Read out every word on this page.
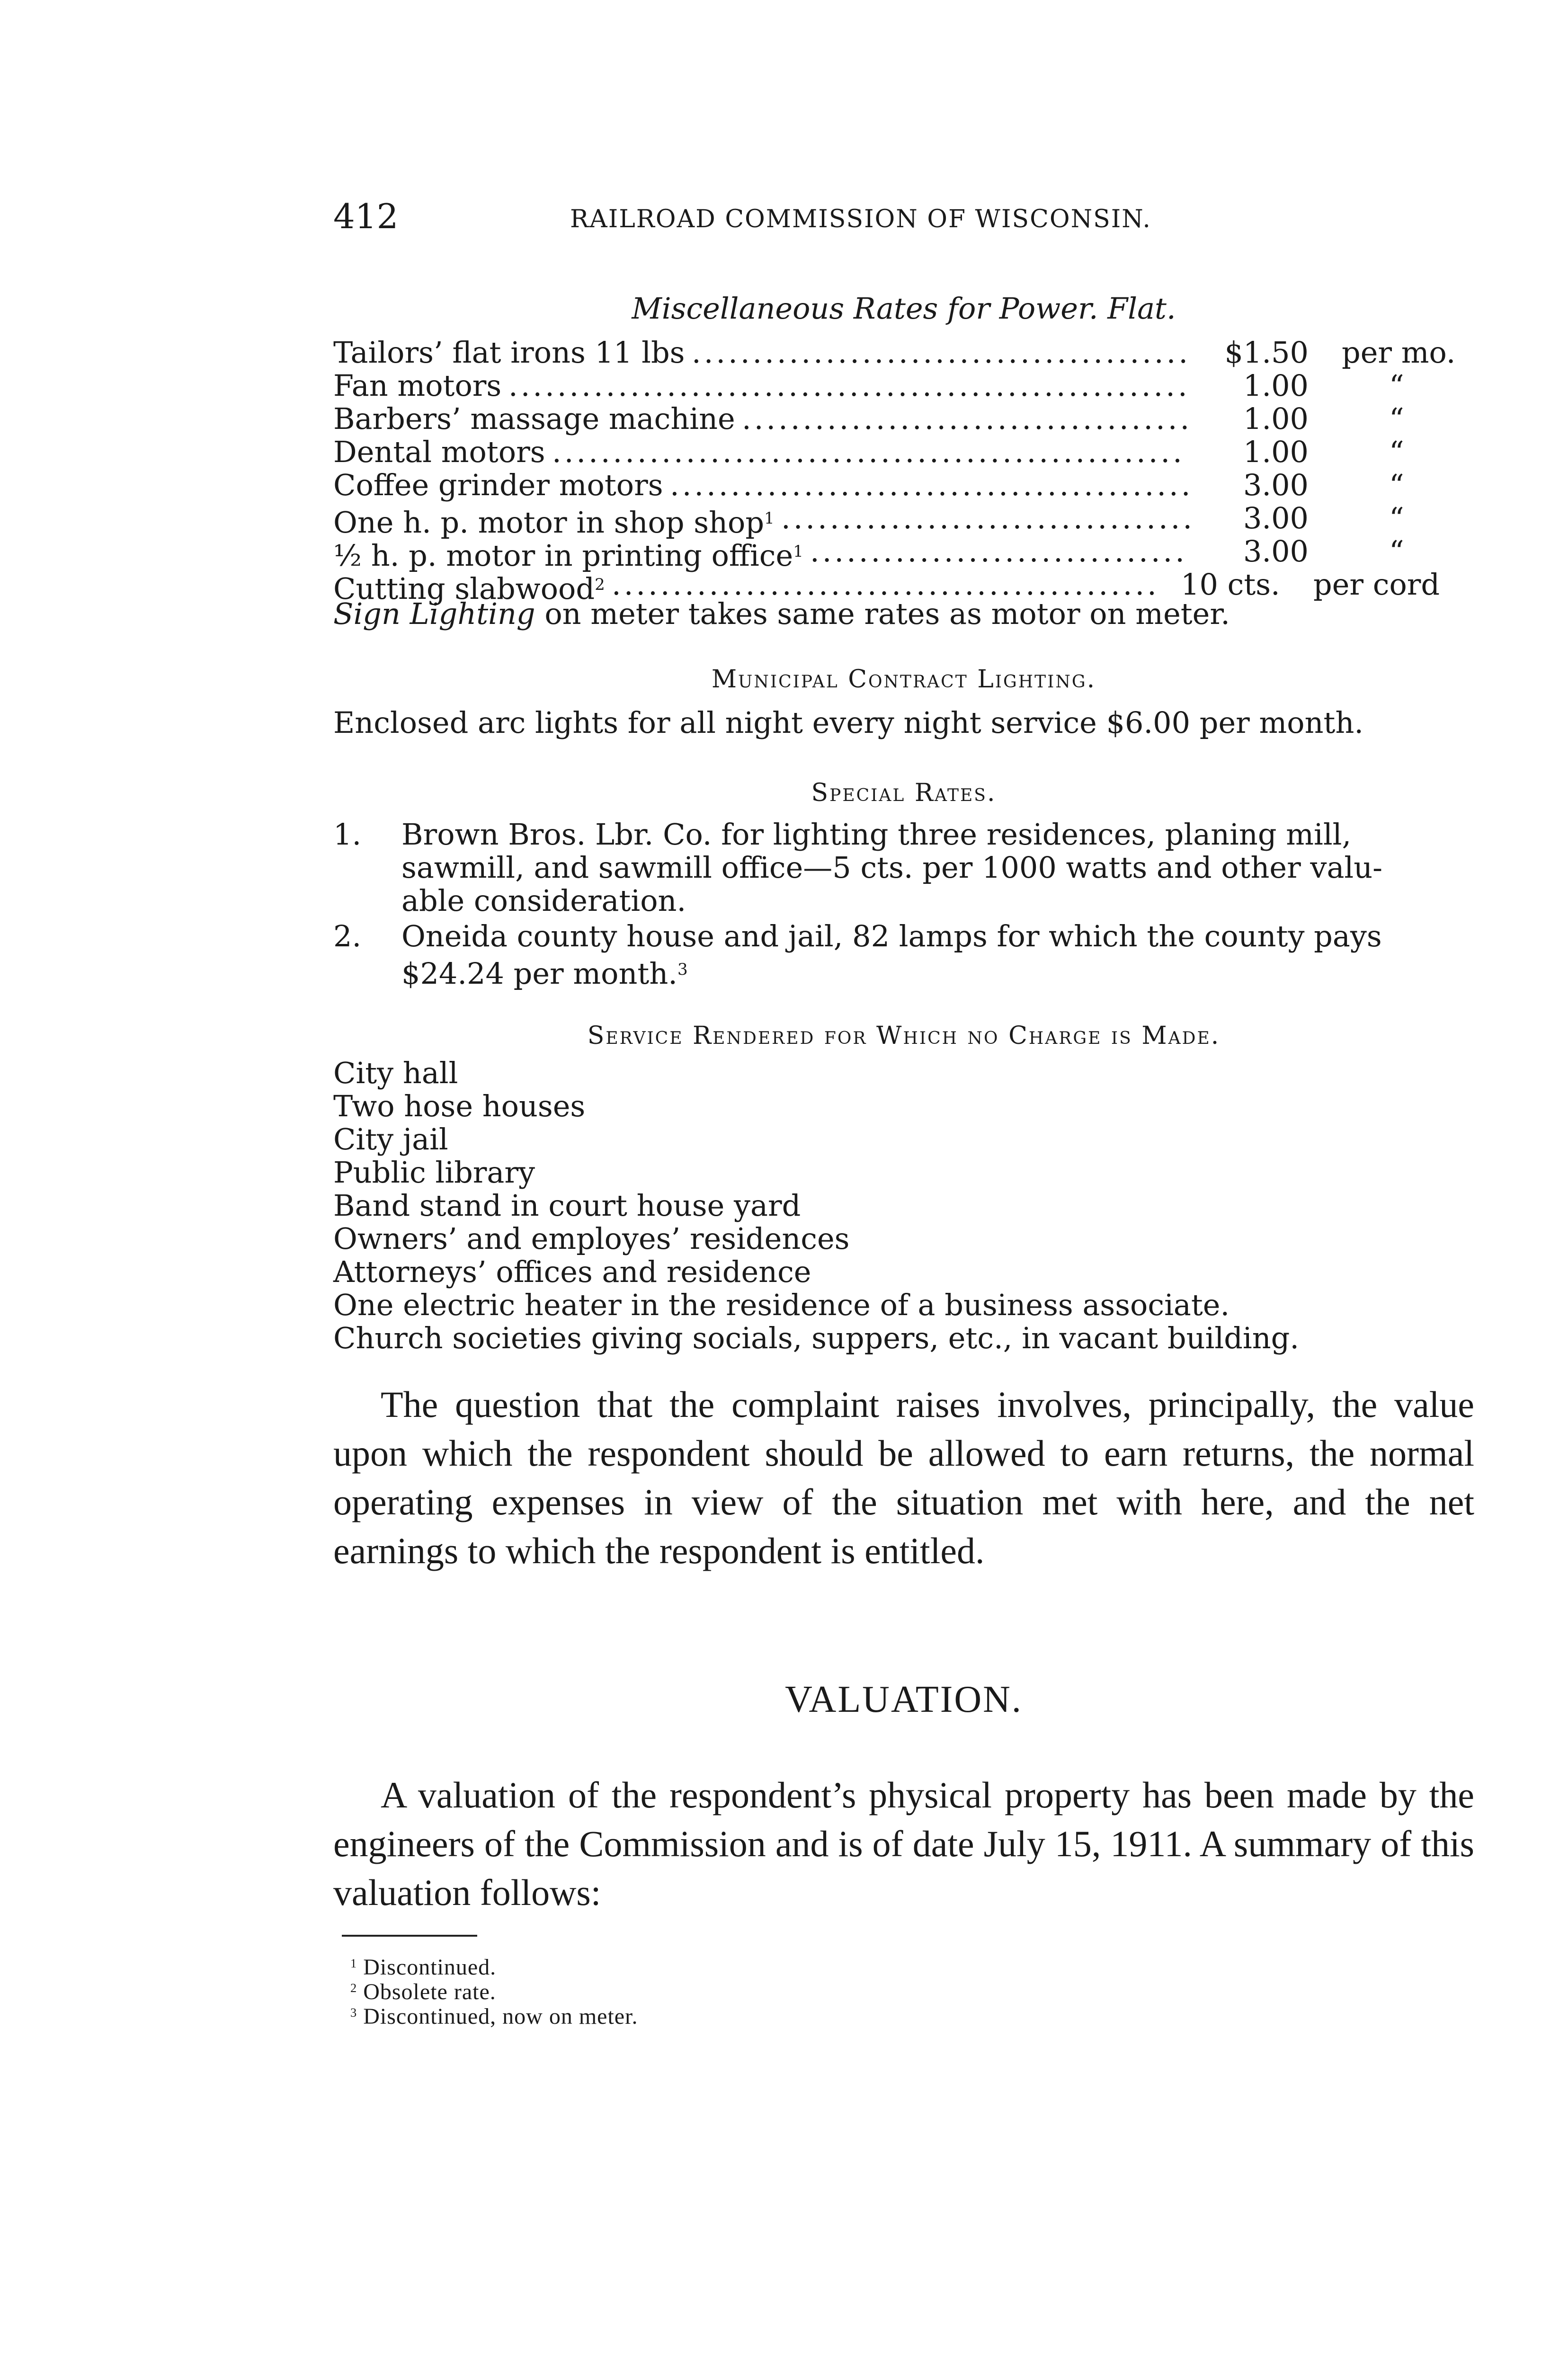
412	RAILROAD COMMISSION OF WISCONSIN.
Miscellaneous Rates for Power. Flat.
Tailors’ flat irons 11 lbs .........................................	$1.50 per mo.
Fan motors ........................................................	1.00	“
Barbers’ massage machine .....................................	1.00	“
Dental motors ....................................................	1.00	“
Coffee grinder motors ...........................................	3.00	“
One h. p. motor in shop shop$^1$ ..................................	3.00	“
½ h. p. motor in printing office$^1$ ...............................	3.00	“
Cutting slabwood$^2$ ............................................. 10 cts.	per cord
Sign Lighting on meter takes same rates as motor on meter.
Municipal Contract Lighting.
Enclosed arc lights for all night every night service $6.00 per month.
Special Rates.
1. Brown Bros. Lbr. Co. for lighting three residences, planing mill,
sawmill, and sawmill office—5 cts. per 1000 watts and other valu-
able consideration.
2. Oneida county house and jail, 82 lamps for which the county pays
$24.24 per month.$^3$
Service Rendered for Which no Charge is Made.
City hall
Two hose houses
City jail
Public library
Band stand in court house yard
Owners’ and employes’ residences
Attorneys’ offices and residence
One electric heater in the residence of a business associate.
Church societies giving socials, suppers, etc., in vacant building.
The question that the complaint raises involves, principally, the value upon which the respondent should be allowed to earn returns, the normal operating expenses in view of the situation met with here, and the net earnings to which the respondent is entitled.
VALUATION.
A valuation of the respondent’s physical property has been made by the engineers of the Commission and is of date July 15, 1911. A summary of this valuation follows:
$^1$ Discontinued.
$^2$ Obsolete rate.
$^3$ Discontinued, now on meter.
